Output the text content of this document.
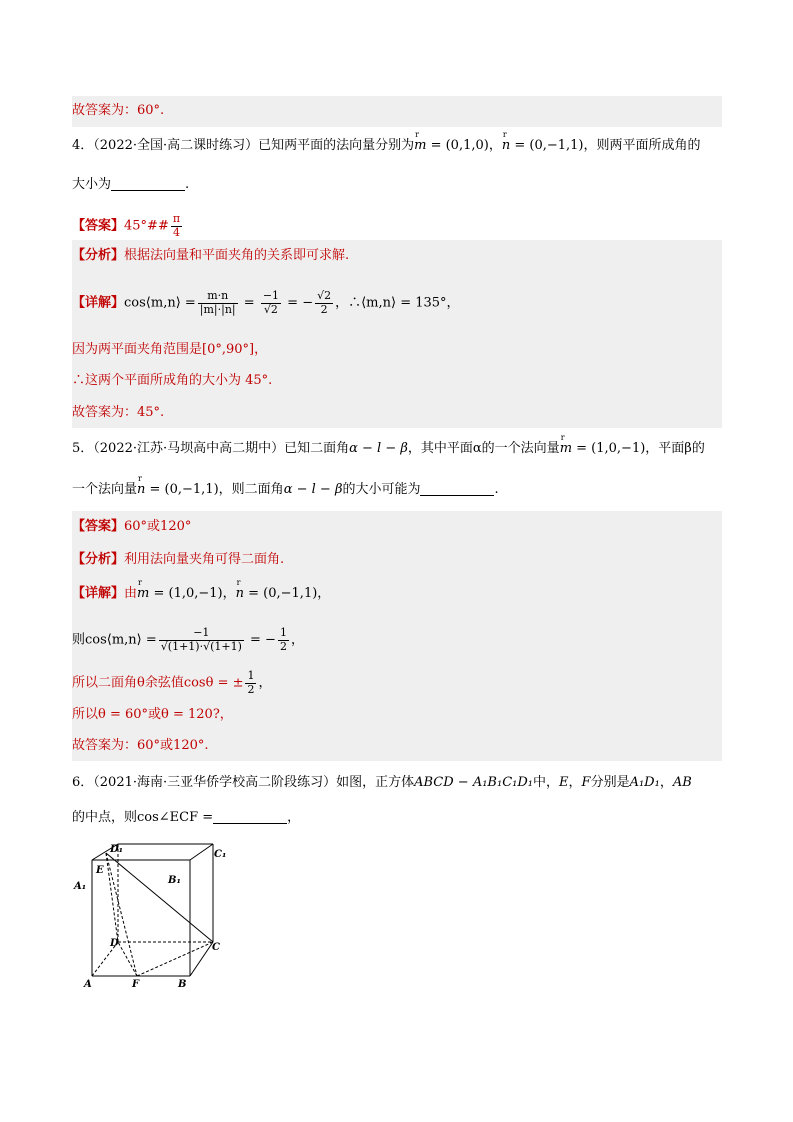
故答案为：60°.
4．（2022·全国·高二课时练习）已知两平面的法向量分别为r m = (0,1,0)，r n = (0,−1,1)，则两平面所成角的
大小为	.
【答案】45°## $\frac{\pi}{4}$
【分析】根据法向量和平面夹角的关系即可求解.
【详解】cos⟨m,n⟩ = $\frac{m\cdot n}{|m|\cdot|n|} = \frac{-1}{√2}$ = − $\frac{√2}{2}$ ，∴⟨m,n⟩ = 135°，
因为两平面夹角范围是[0°,90°]，
∴这两个平面所成角的大小为 45°.
故答案为：45°.
5．（2022·江苏·马坝高中高二期中）已知二面角α − l − β，其中平面α的一个法向量r m = (1,0,−1)，平面β的
一个法向量r n = (0,−1,1)，则二面角α − l − β的大小可能为	.
【答案】60°或120°
【分析】利用法向量夹角可得二面角.
【详解】由r m = (1,0,−1)，r n = (0,−1,1)，
则cos⟨m,n⟩ = $\frac{-1}{√(1+1)\cdot√(1+1)}$ = − $\frac{1}{2}$ ，
所以二面角θ余弦值cosθ = ± $\frac{1}{2}$ ，
所以θ = 60°或θ = 120?，
故答案为：60°或120°.
6．（2021·海南·三亚华侨学校高二阶段练习）如图，正方体ABCD − A₁B₁C₁D₁中，E，F分别是A₁D₁，AB
的中点，则cos∠ECF =	，
D₁	C₁
E
A₁
B₁
D	C
A	F	B
